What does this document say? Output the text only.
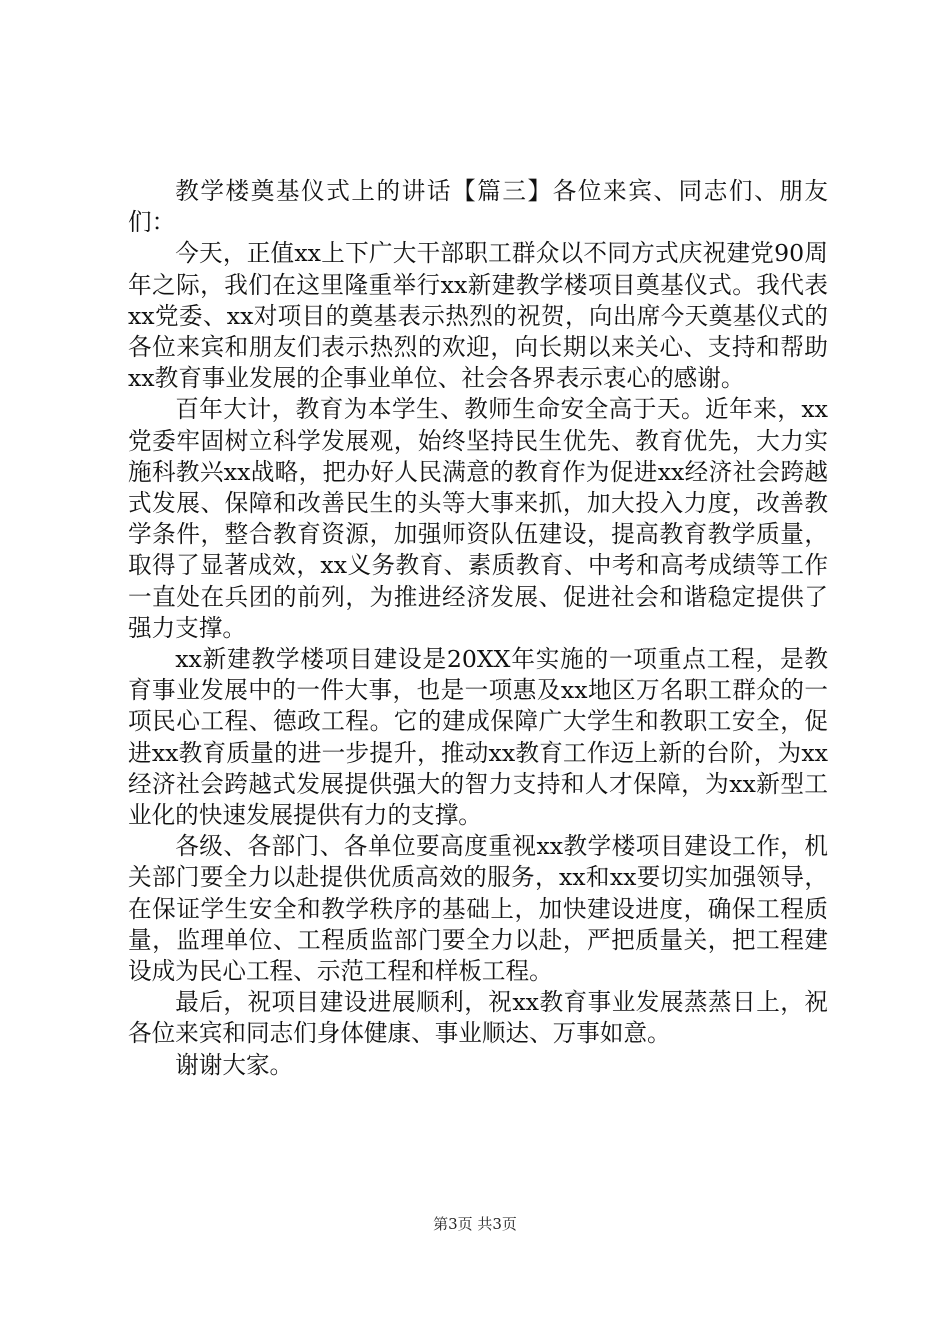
教学楼奠基仪式上的讲话【篇三】各位来宾、同志们、朋友们：

今天，正值xx上下广大干部职工群众以不同方式庆祝建党90周年之际，我们在这里隆重举行xx新建教学楼项目奠基仪式。我代表xx党委、xx对项目的奠基表示热烈的祝贺，向出席今天奠基仪式的各位来宾和朋友们表示热烈的欢迎，向长期以来关心、支持和帮助xx教育事业发展的企事业单位、社会各界表示衷心的感谢。

百年大计，教育为本学生、教师生命安全高于天。近年来，xx党委牢固树立科学发展观，始终坚持民生优先、教育优先，大力实施科教兴xx战略，把办好人民满意的教育作为促进xx经济社会跨越式发展、保障和改善民生的头等大事来抓，加大投入力度，改善教学条件，整合教育资源，加强师资队伍建设，提高教育教学质量，取得了显著成效，xx义务教育、素质教育、中考和高考成绩等工作一直处在兵团的前列，为推进经济发展、促进社会和谐稳定提供了强力支撑。

xx新建教学楼项目建设是20XX年实施的一项重点工程，是教育事业发展中的一件大事，也是一项惠及xx地区万名职工群众的一项民心工程、德政工程。它的建成保障广大学生和教职工安全，促进xx教育质量的进一步提升，推动xx教育工作迈上新的台阶，为xx经济社会跨越式发展提供强大的智力支持和人才保障，为xx新型工业化的快速发展提供有力的支撑。

各级、各部门、各单位要高度重视xx教学楼项目建设工作，机关部门要全力以赴提供优质高效的服务，xx和xx要切实加强领导，在保证学生安全和教学秩序的基础上，加快建设进度，确保工程质量，监理单位、工程质监部门要全力以赴，严把质量关，把工程建设成为民心工程、示范工程和样板工程。

最后，祝项目建设进展顺利，祝xx教育事业发展蒸蒸日上，祝各位来宾和同志们身体健康、事业顺达、万事如意。

谢谢大家。

第3页 共3页
